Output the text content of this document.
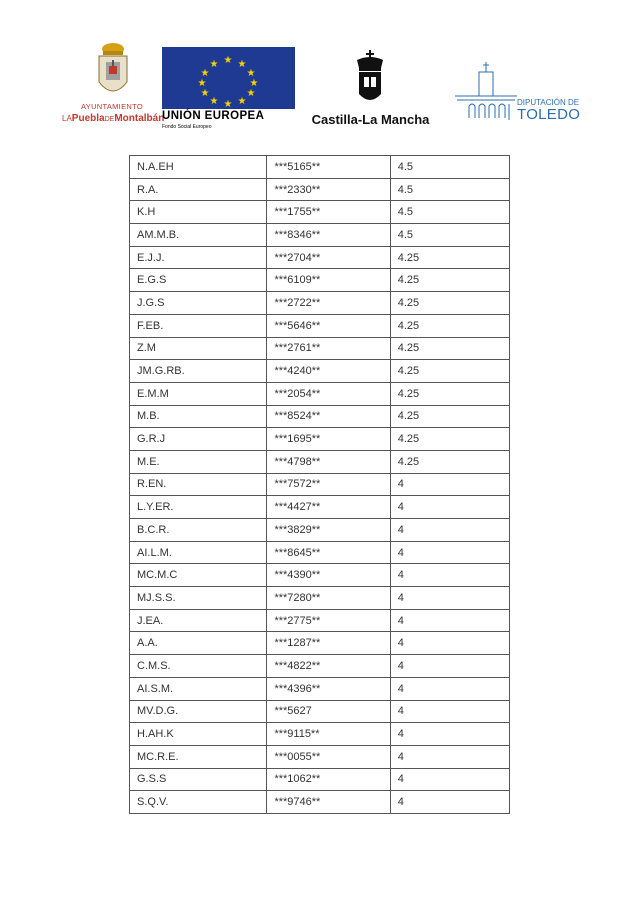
AYUNTAMIENTO
LAPueblaDEMontalbán
★ ★
★
★
★
★
★
★
★
★
★
★
UNIÓN EUROPEA
Fondo Social Europeo	Castilla-La Mancha
DIPUTACIÓN DE
TOLEDO
N.A.EH	***5165**	4.5
R.A.	***2330**	4.5
K.H	***1755**	4.5
AM.M.B.	***8346**	4.5
E.J.J.	***2704**	4.25
E.G.S	***6109**	4.25
J.G.S	***2722**	4.25
F.EB.	***5646**	4.25
Z.M	***2761**	4.25
JM.G.RB.	***4240**	4.25
E.M.M	***2054**	4.25
M.B.	***8524**	4.25
G.R.J	***1695**	4.25
M.E.	***4798**	4.25
R.EN.	***7572**	4
L.Y.ER.	***4427**	4
B.C.R.	***3829**	4
AI.L.M.	***8645**	4
MC.M.C	***4390**	4
MJ.S.S.	***7280**	4
J.EA.	***2775**	4
A.A.	***1287**	4
C.M.S.	***4822**	4
AI.S.M.	***4396**	4
MV.D.G.	***5627	4
H.AH.K	***9115**	4
MC.R.E.	***0055**	4
G.S.S	***1062**	4
S.Q.V.	***9746**	4
